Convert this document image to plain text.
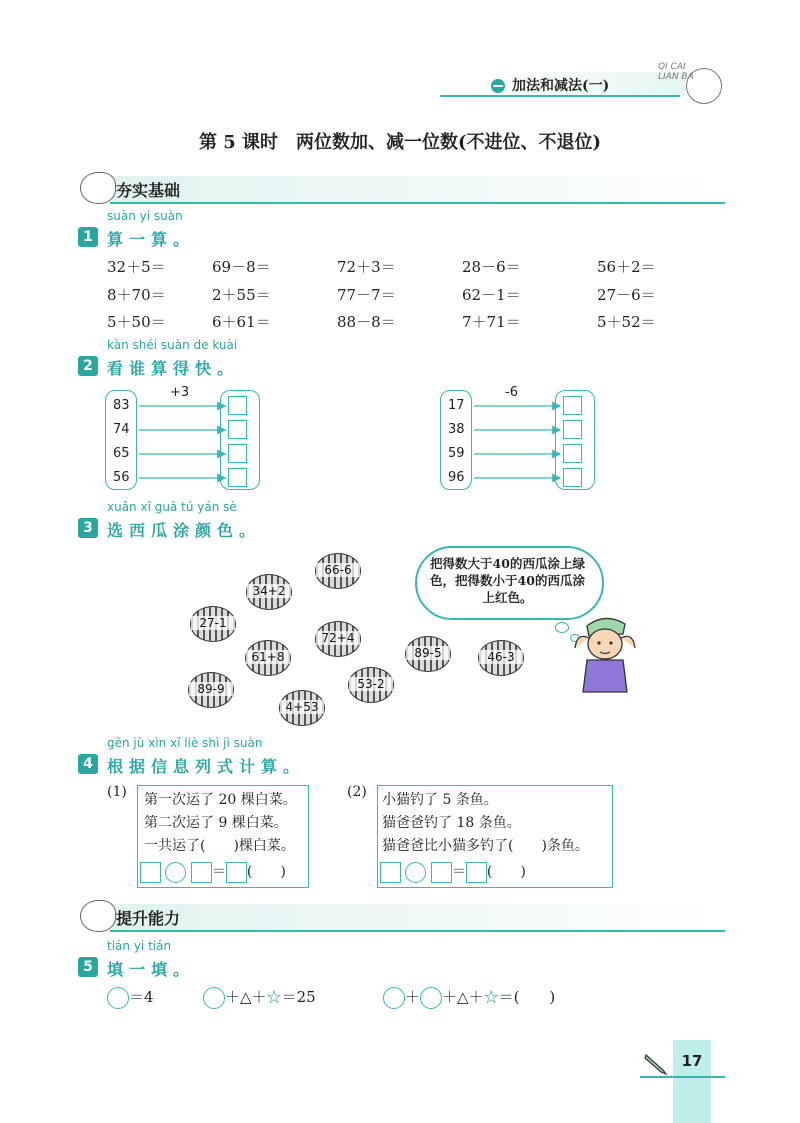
加法和减法(一)
QI CAI LIAN BA
第 5 课时　两位数加、减一位数(不进位、不退位)
夯实基础
suàn yi suàn
1 算一算。
32＋5＝	69－8＝	72＋3＝	28－6＝	56＋2＝
8＋70＝	2＋55＝	77－7＝	62－1＝	27－6＝
5＋50＝	6＋61＝	88－8＝	7＋71＝	5＋52＝
kàn shéi suàn de kuài
2 看谁算得快。
+3
83
74
65
56
-6
17
38
59
96
xuǎn xī guā tú yán sè
3 选西瓜涂颜色。
66-6
34+2
27-1
72+4
61+8	89-5	46-3
53-2
89-9
4+53
把得数大于40的西瓜涂上绿色，把得数小于40的西瓜涂上红色。
gēn jù xìn xī liè shì jì suàn
4 根据信息列式计算。
(1) 第一次运了 20 棵白菜。

第二次运了 9 棵白菜。

一共运了(　　)棵白菜。

＝ (　　)
(2) 小猫钓了 5 条鱼。

猫爸爸钓了 18 条鱼。

猫爸爸比小猫多钓了(　　)条鱼。

＝ (　　)
提升能力
tián yi tián
5 填一填。
＝4	＋△＋☆＝25	＋ ＋△＋☆＝(　　)
17
